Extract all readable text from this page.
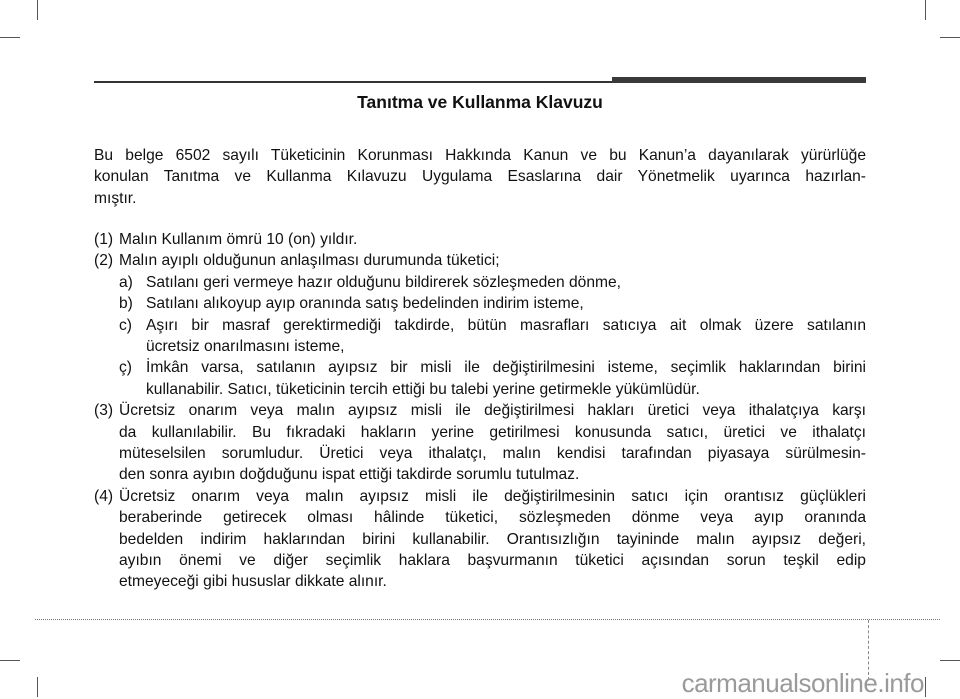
Tanıtma ve Kullanma Klavuzu
Bu belge 6502 sayılı Tüketicinin Korunması Hakkında Kanun ve bu Kanun’a dayanılarak yürürlüğe
konulan Tanıtma ve Kullanma Kılavuzu Uygulama Esaslarına dair Yönetmelik uyarınca hazırlan-
mıştır.
(1) Malın Kullanım ömrü 10 (on) yıldır.
(2) Malın ayıplı olduğunun anlaşılması durumunda tüketici;
a) Satılanı geri vermeye hazır olduğunu bildirerek sözleşmeden dönme,
b) Satılanı alıkoyup ayıp oranında satış bedelinden indirim isteme,
c) Aşırı bir masraf gerektirmediği takdirde, bütün masrafları satıcıya ait olmak üzere satılanın
ücretsiz onarılmasını isteme,
ç) İmkân varsa, satılanın ayıpsız bir misli ile değiştirilmesini isteme, seçimlik haklarından birini
kullanabilir. Satıcı, tüketicinin tercih ettiği bu talebi yerine getirmekle yükümlüdür.
(3) Ücretsiz onarım veya malın ayıpsız misli ile değiştirilmesi hakları üretici veya ithalatçıya karşı
da kullanılabilir. Bu fıkradaki hakların yerine getirilmesi konusunda satıcı, üretici ve ithalatçı
müteselsilen sorumludur. Üretici veya ithalatçı, malın kendisi tarafından piyasaya sürülmesin-
den sonra ayıbın doğduğunu ispat ettiği takdirde sorumlu tutulmaz.
(4) Ücretsiz onarım veya malın ayıpsız misli ile değiştirilmesinin satıcı için orantısız güçlükleri
beraberinde getirecek olması hâlinde tüketici, sözleşmeden dönme veya ayıp oranında
bedelden indirim haklarından birini kullanabilir. Orantısızlığın tayininde malın ayıpsız değeri,
ayıbın önemi ve diğer seçimlik haklara başvurmanın tüketici açısından sorun teşkil edip
etmeyeceği gibi hususlar dikkate alınır.
carmanualsonline.info
